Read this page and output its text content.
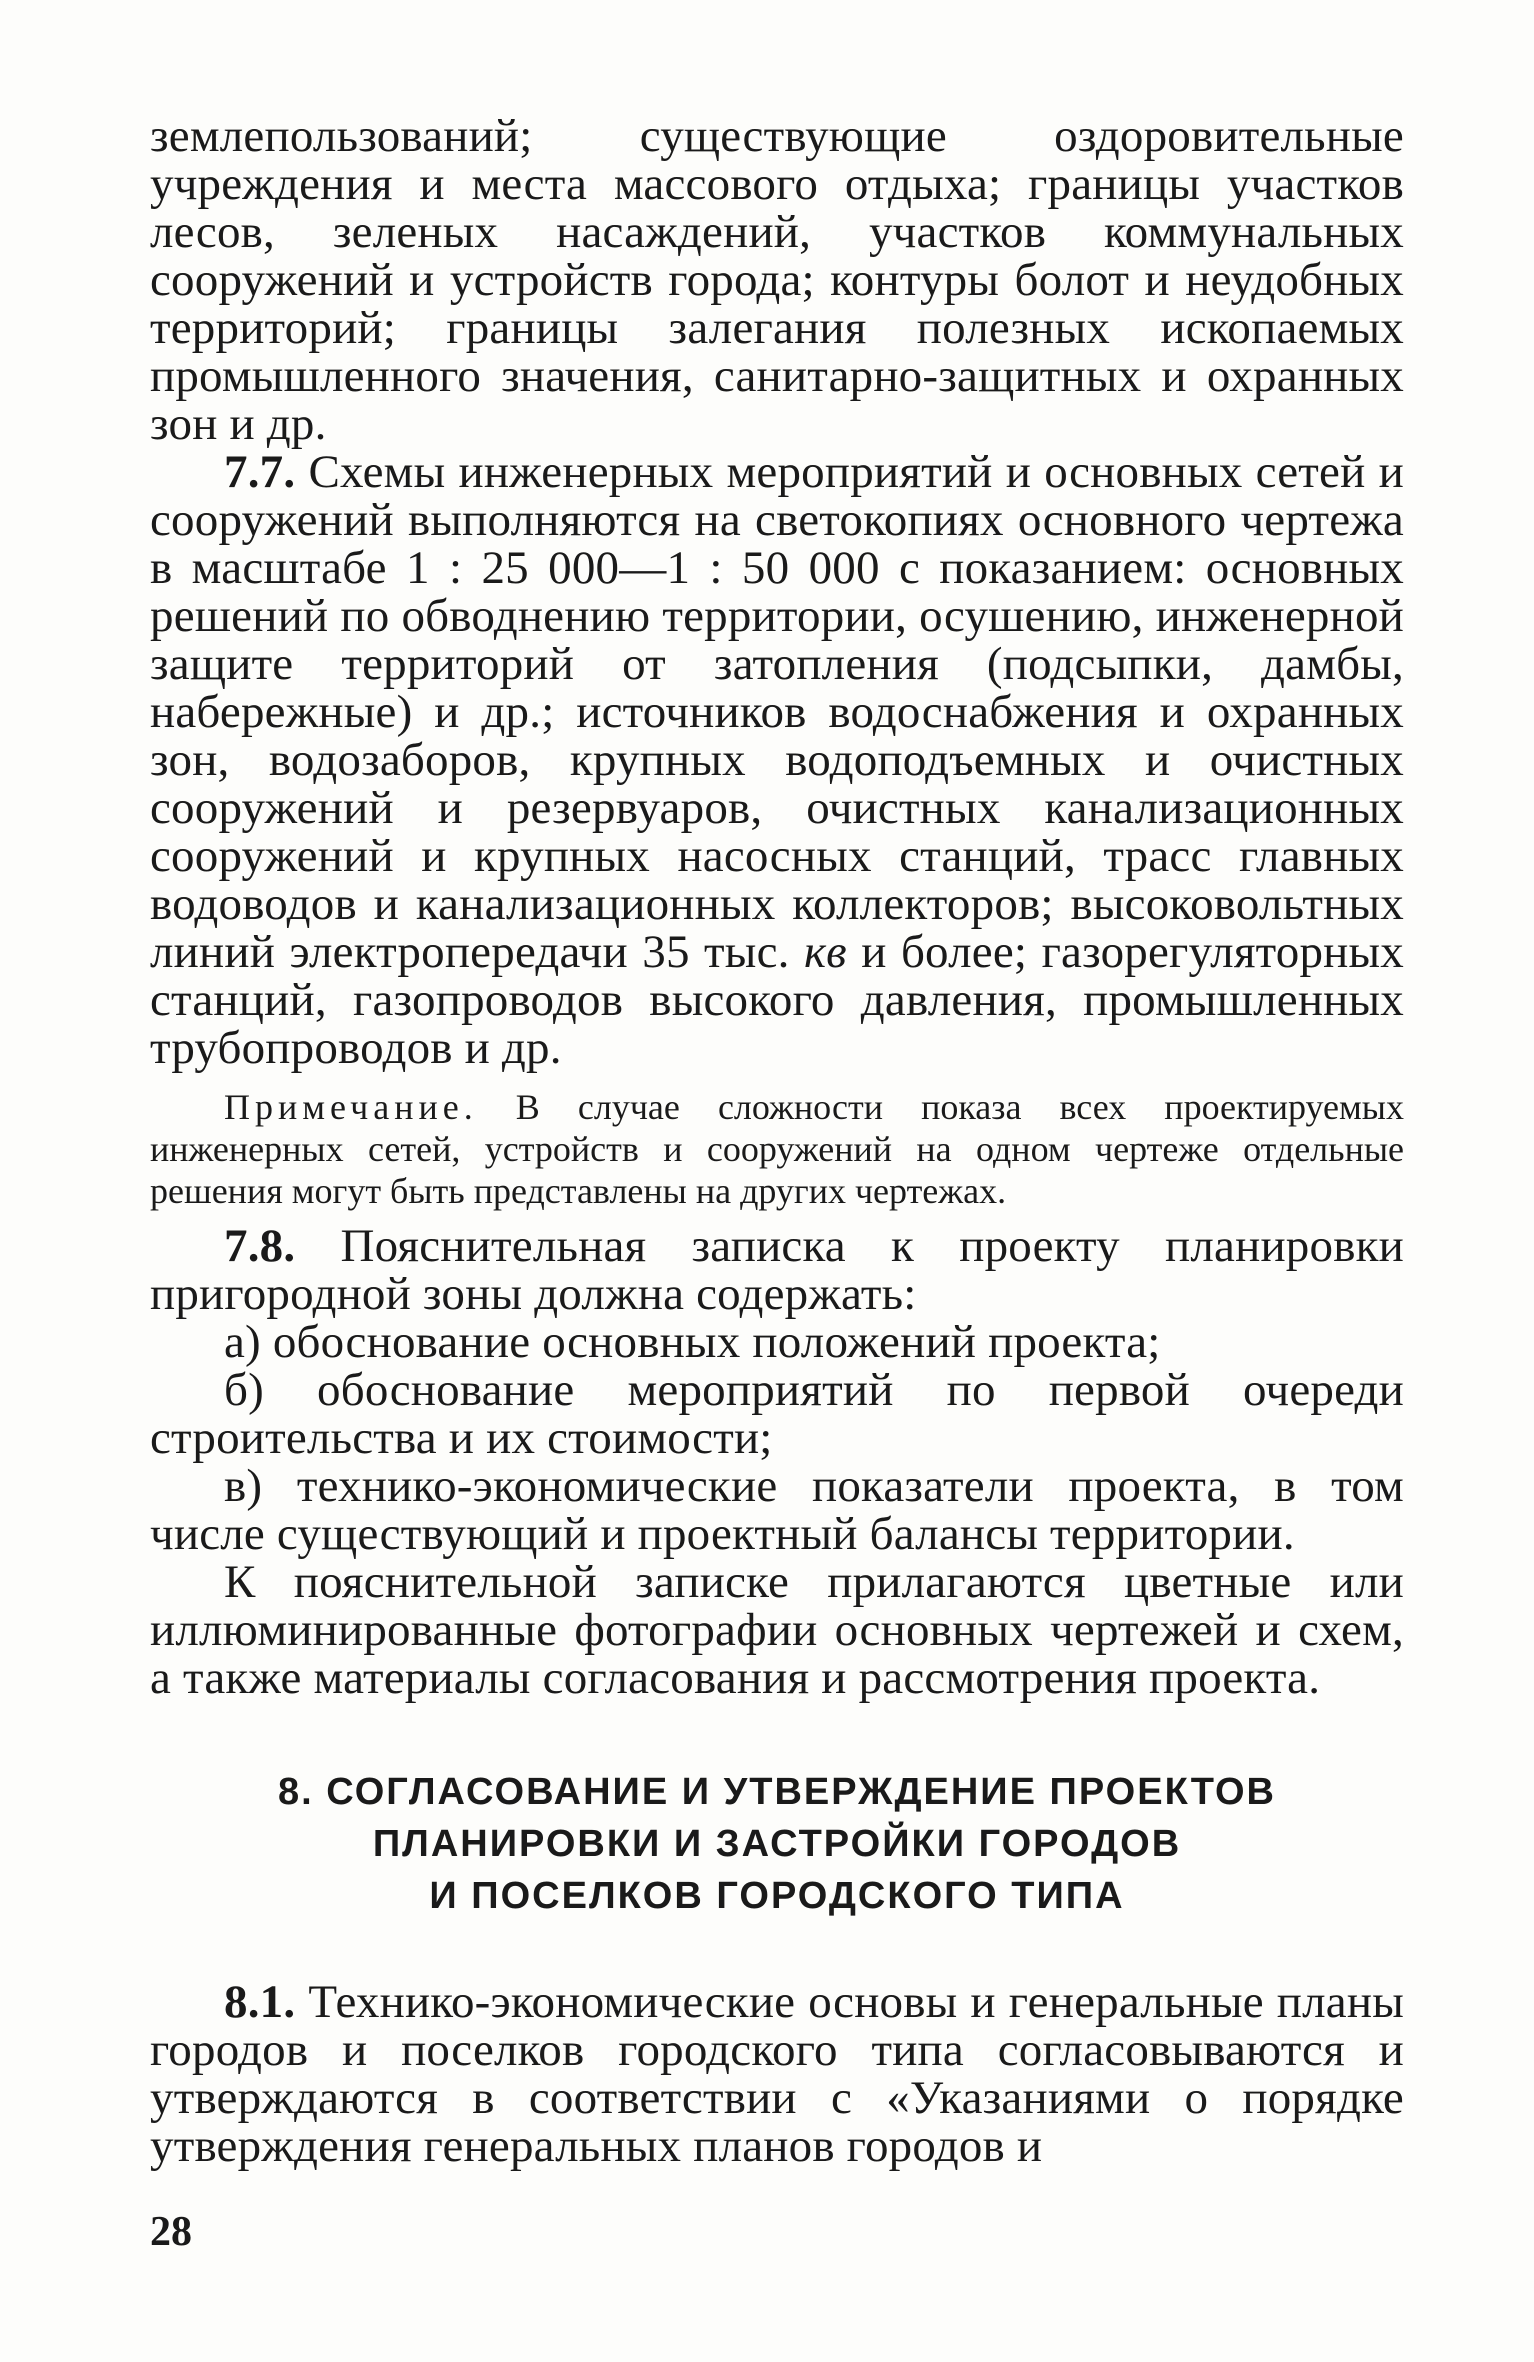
землепользований; существующие оздоровительные учреждения и места массового отдыха; границы участков лесов, зеленых насаждений, участков коммунальных сооружений и устройств города; контуры болот и неудобных территорий; границы залегания полезных ископаемых промышленного значения, санитарно-защитных и охранных зон и др.

7.7. Схемы инженерных мероприятий и основных сетей и сооружений выполняются на светокопиях основного чертежа в масштабе 1 : 25 000—1 : 50 000 с показанием: основных решений по обводнению территории, осушению, инженерной защите территорий от затопления (подсыпки, дамбы, набережные) и др.; источников водоснабжения и охранных зон, водозаборов, крупных водоподъемных и очистных сооружений и резервуаров, очистных канализационных сооружений и крупных насосных станций, трасс главных водоводов и канализационных коллекторов; высоковольтных линий электропередачи 35 тыс. кв и более; газорегуляторных станций, газопроводов высокого давления, промышленных трубопроводов и др.

Примечание. В случае сложности показа всех проектируемых инженерных сетей, устройств и сооружений на одном чертеже отдельные решения могут быть представлены на других чертежах.

7.8. Пояснительная записка к проекту планировки пригородной зоны должна содержать:

а) обоснование основных положений проекта;

б) обоснование мероприятий по первой очереди строительства и их стоимости;

в) технико-экономические показатели проекта, в том числе существующий и проектный балансы территории.

К пояснительной записке прилагаются цветные или иллюминированные фотографии основных чертежей и схем, а также материалы согласования и рассмотрения проекта.

8. СОГЛАСОВАНИЕ И УТВЕРЖДЕНИЕ ПРОЕКТОВ
ПЛАНИРОВКИ И ЗАСТРОЙКИ ГОРОДОВ
И ПОСЕЛКОВ ГОРОДСКОГО ТИПА

8.1. Технико-экономические основы и генеральные планы городов и поселков городского типа согласовываются и утверждаются в соответствии с «Указаниями о порядке утверждения генеральных планов городов и

28
